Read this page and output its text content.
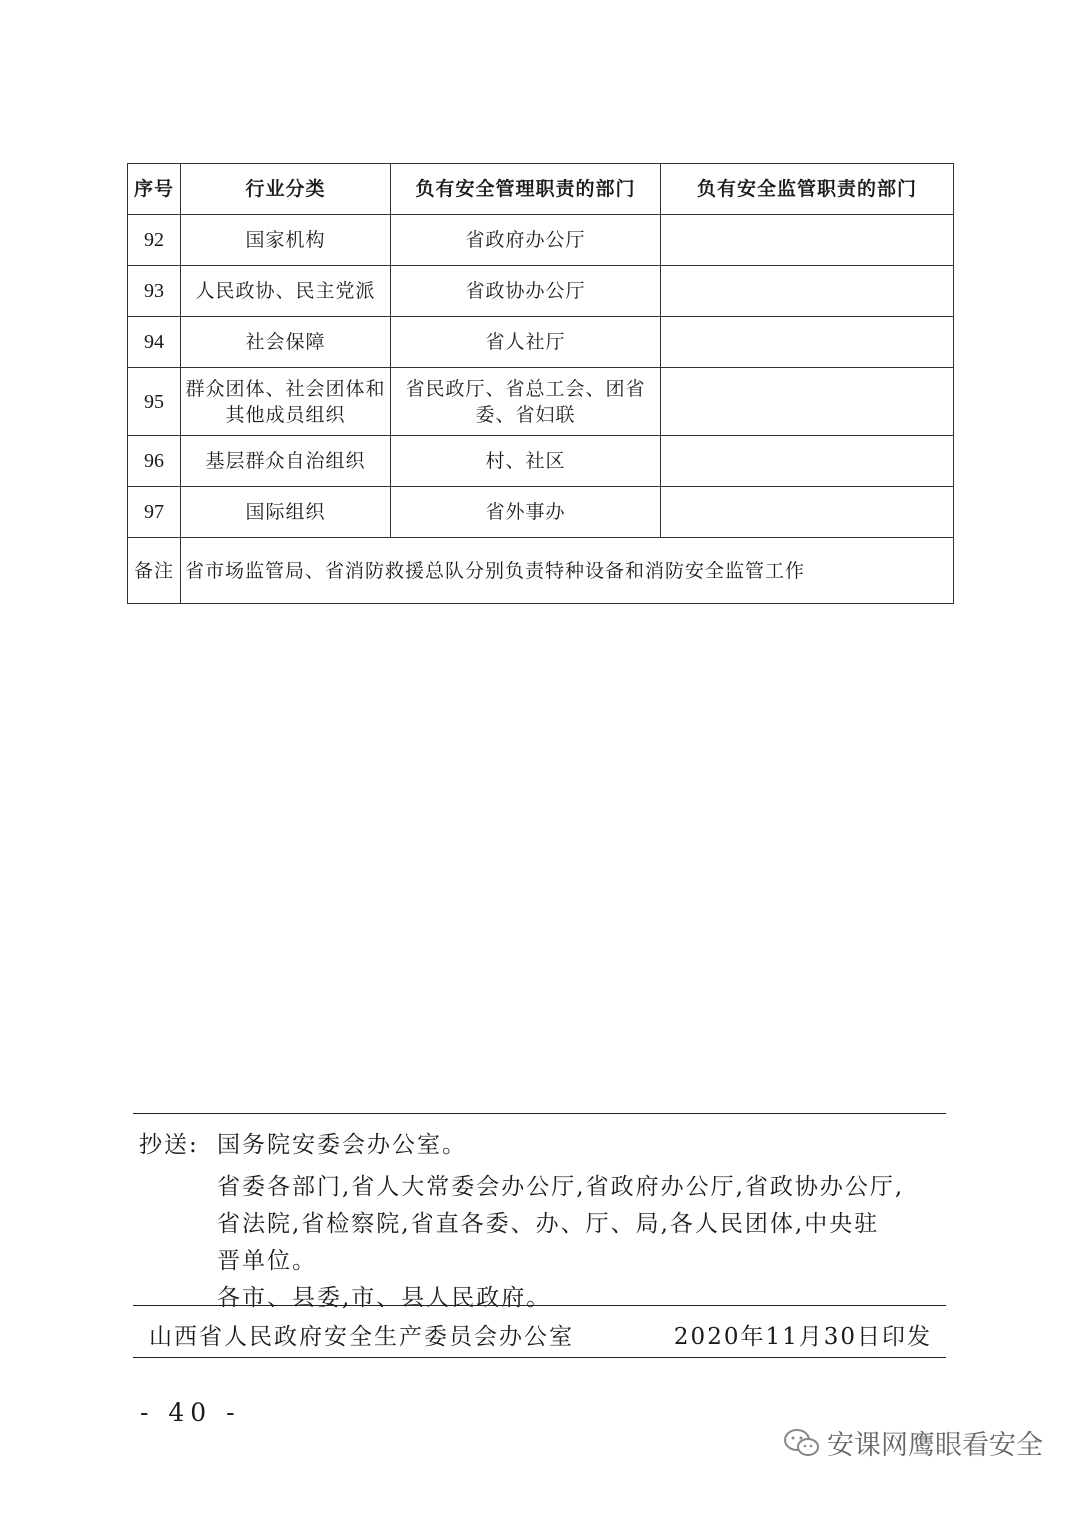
序号	行业分类	负有安全管理职责的部门	负有安全监管职责的部门
92	国家机构	省政府办公厅	
93	人民政协、民主党派	省政协办公厅	
94	社会保障	省人社厅	
95	群众团体、社会团体和其他成员组织	省民政厅、省总工会、团省委、省妇联	
96	基层群众自治组织	村、社区	
97	国际组织	省外事办	
备注	省市场监管局、省消防救援总队分别负责特种设备和消防安全监管工作		
抄送: 国务院安委会办公室。
省委各部门,省人大常委会办公厅,省政府办公厅,省政协办公厅,
省法院,省检察院,省直各委、办、厅、局,各人民团体,中央驻
晋单位。
各市、县委,市、县人民政府。
山西省人民政府安全生产委员会办公室	2020年11月30日印发
- 40 -
安课网鹰眼看安全
